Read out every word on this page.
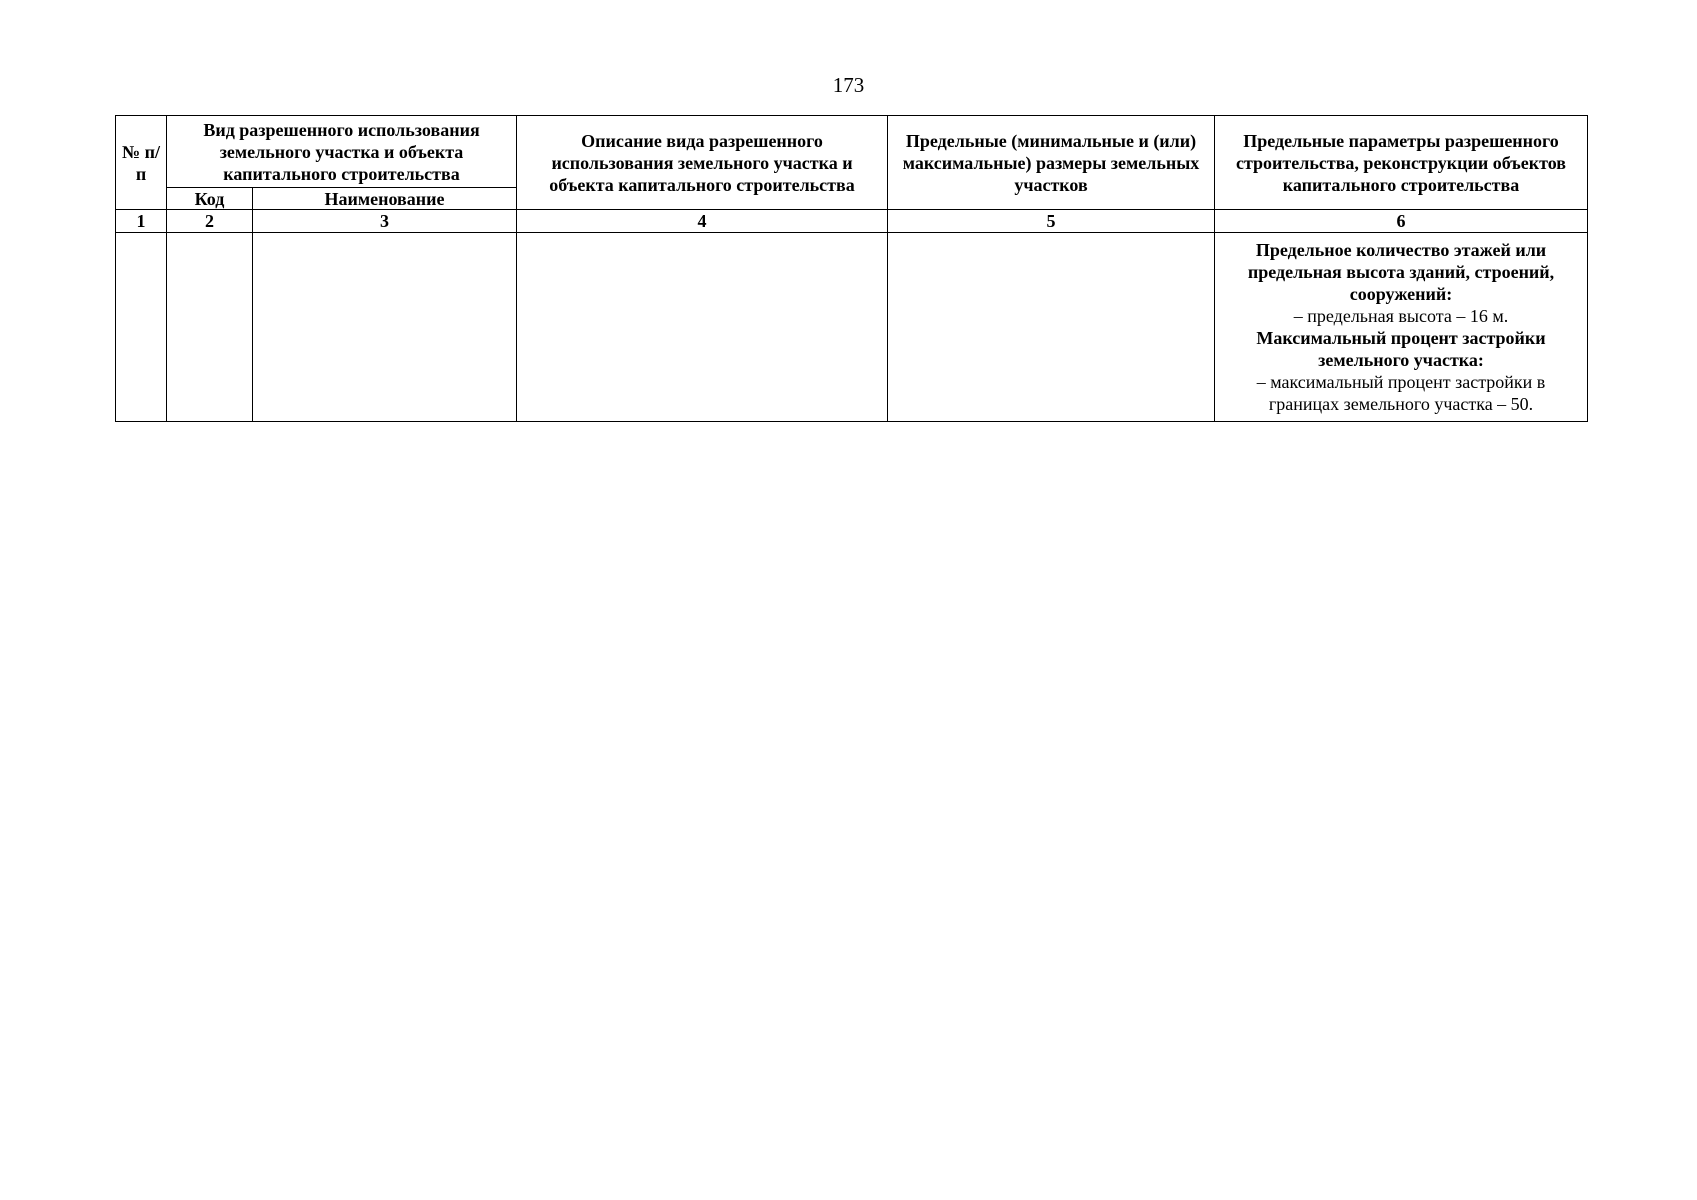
173
№ п/п	Вид разрешенного использования земельного участка и объекта капитального строительства		Описание вида разрешенного использования земельного участка и объекта капитального строительства	Предельные (минимальные и (или) максимальные) размеры земельных участков	Предельные параметры разрешенного строительства, реконструкции объектов капитального строительства
	Код	Наименование			
1	2	3	4	5	6

					Предельное количество этажей или предельная высота зданий, строений, сооружений:

– предельная высота – 16 м.

Максимальный процент застройки земельного участка:

– максимальный процент застройки в границах земельного участка – 50.
